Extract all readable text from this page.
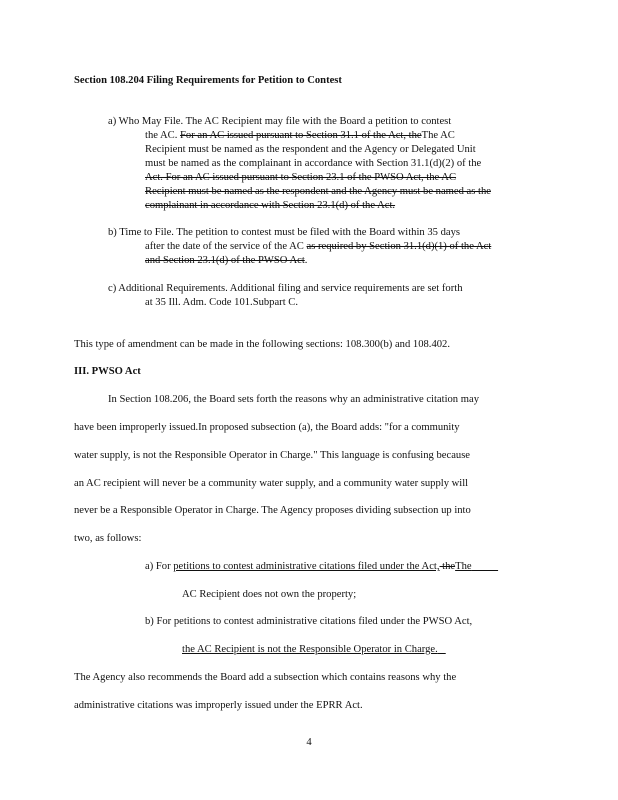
Section 108.204 Filing Requirements for Petition to Contest
a) Who May File. The AC Recipient may file with the Board a petition to contest
the AC. For an AC issued pursuant to Section 31.1 of the Act, theThe AC
Recipient must be named as the respondent and the Agency or Delegated Unit
must be named as the complainant in accordance with Section 31.1(d)(2) of the
Act. For an AC issued pursuant to Section 23.1 of the PWSO Act, the AC
Recipient must be named as the respondent and the Agency must be named as the
complainant in accordance with Section 23.1(d) of the Act.
b) Time to File. The petition to contest must be filed with the Board within 35 days
after the date of the service of the AC as required by Section 31.1(d)(1) of the Act
and Section 23.1(d) of the PWSO Act.
c) Additional Requirements. Additional filing and service requirements are set forth
at 35 Ill. Adm. Code 101.Subpart C.
This type of amendment can be made in the following sections: 108.300(b) and 108.402.
III. PWSO Act
In Section 108.206, the Board sets forth the reasons why an administrative citation may
have been improperly issued.In proposed subsection (a), the Board adds: "for a community
water supply, is not the Responsible Operator in Charge." This language is confusing because
an AC recipient will never be a community water supply, and a community water supply will
never be a Responsible Operator in Charge. The Agency proposes dividing subsection up into
two, as follows:
a) For petitions to contest administrative citations filed under the Act, theThe
AC Recipient does not own the property;
b) For petitions to contest administrative citations filed under the PWSO Act,
the AC Recipient is not the Responsible Operator in Charge.
The Agency also recommends the Board add a subsection which contains reasons why the
administrative citations was improperly issued under the EPRR Act.
4
